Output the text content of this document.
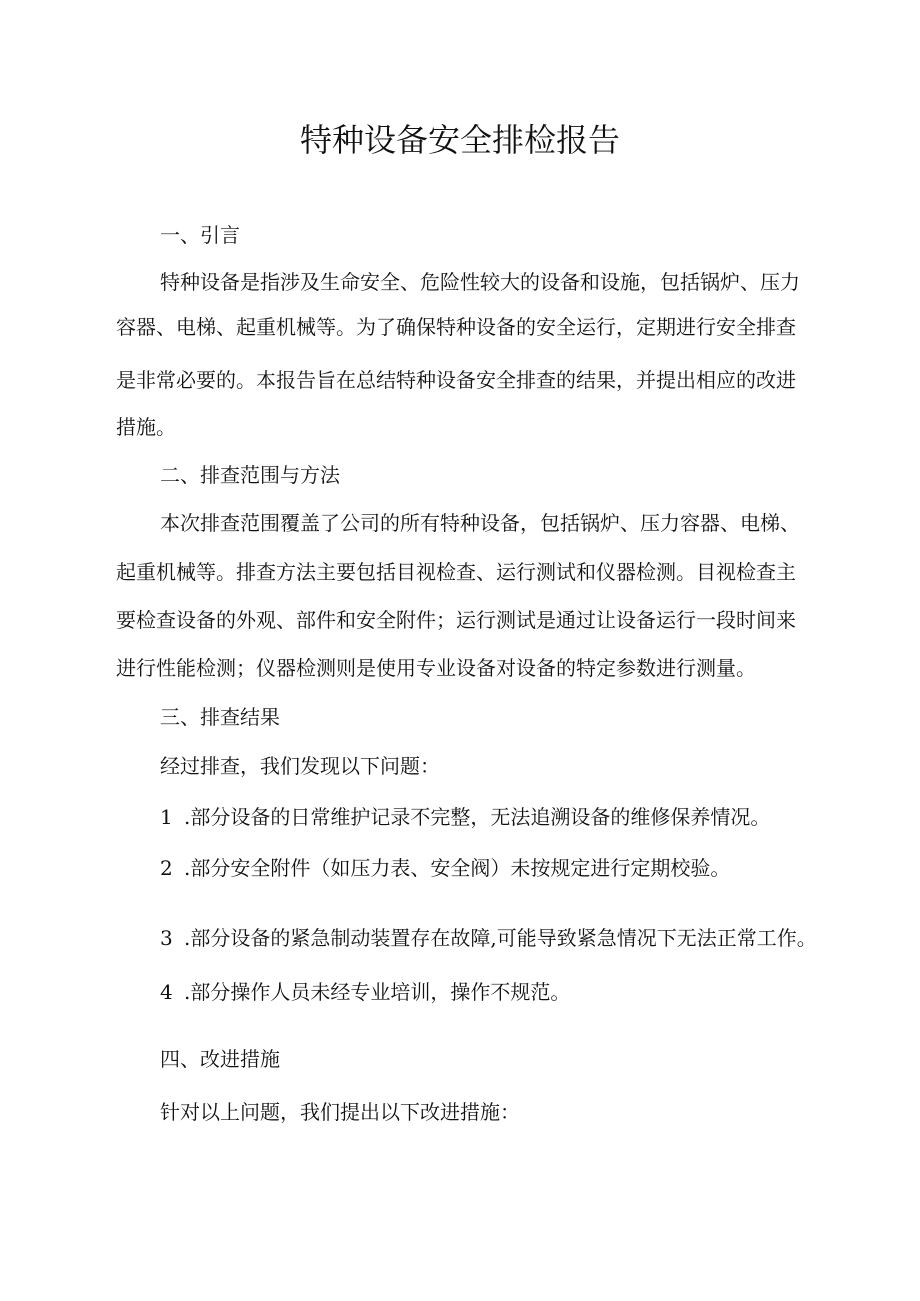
特种设备安全排检报告
一、引言
特种设备是指涉及生命安全、危险性较大的设备和设施，包括锅炉、压力
容器、电梯、起重机械等。为了确保特种设备的安全运行，定期进行安全排查
是非常必要的。本报告旨在总结特种设备安全排查的结果，并提出相应的改进
措施。
二、排查范围与方法
本次排查范围覆盖了公司的所有特种设备，包括锅炉、压力容器、电梯、
起重机械等。排查方法主要包括目视检查、运行测试和仪器检测。目视检查主
要检查设备的外观、部件和安全附件；运行测试是通过让设备运行一段时间来
进行性能检测；仪器检测则是使用专业设备对设备的特定参数进行测量。
三、排查结果
经过排查，我们发现以下问题：
1 .部分设备的日常维护记录不完整，无法追溯设备的维修保养情况。
2 .部分安全附件（如压力表、安全阀）未按规定进行定期校验。
3 .部分设备的紧急制动装置存在故障,可能导致紧急情况下无法正常工作。
4 .部分操作人员未经专业培训，操作不规范。
四、改进措施
针对以上问题，我们提出以下改进措施：
